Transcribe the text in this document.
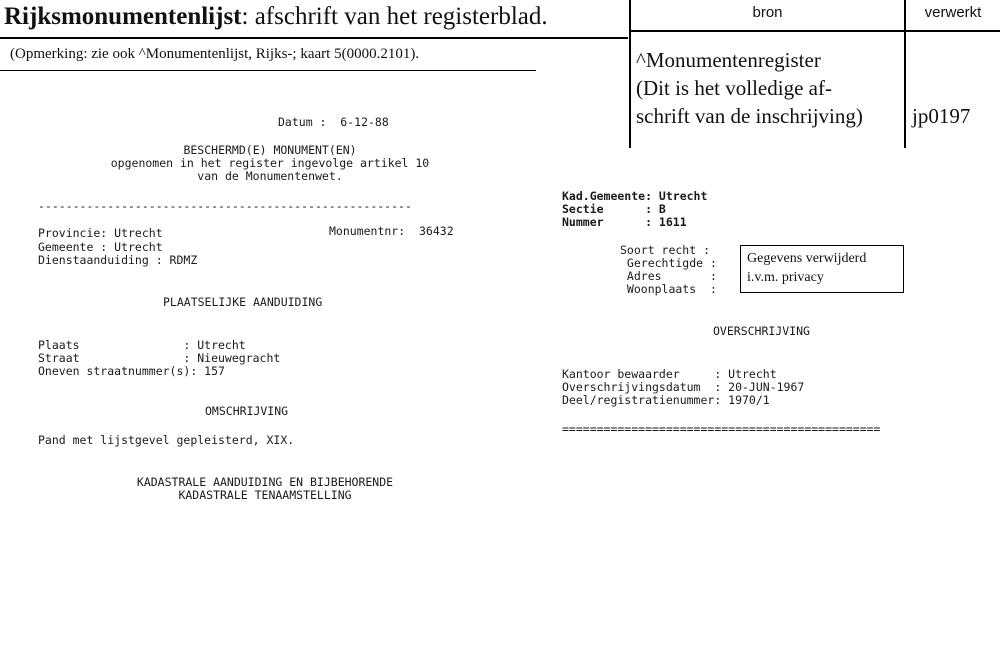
Rijksmonumentenlijst: afschrift van het registerblad.
(Opmerking: zie ook ^Monumentenlijst, Rijks-; kaart 5(0000.2101).
bron	verwerkt
^Monumentenregister
(Dit is het volledige af-
schrift van de inschrijving) jp0197
Datum :  6-12-88
BESCHERMD(E) MONUMENT(EN)
opgenomen in het register ingevolge artikel 10
van de Monumentenwet.
------------------------------------------------------
Provincie: Utrecht	Monumentnr:  36432
Gemeente : Utrecht
Dienstaanduiding : RDMZ
PLAATSELIJKE AANDUIDING
Plaats               : Utrecht
Straat               : Nieuwegracht
Oneven straatnummer(s): 157
OMSCHRIJVING
Pand met lijstgevel gepleisterd, XIX.
KADASTRALE AANDUIDING EN BIJBEHORENDE
KADASTRALE TENAAMSTELLING
Kad.Gemeente: Utrecht
Sectie      : B
Nummer      : 1611
Soort recht :
Gerechtigde :
Adres       :
Woonplaats  :
Gegevens verwijderd
i.v.m. privacy
OVERSCHRIJVING
Kantoor bewaarder     : Utrecht
Overschrijvingsdatum  : 20-JUN-1967
Deel/registratienummer: 1970/1
==============================================
